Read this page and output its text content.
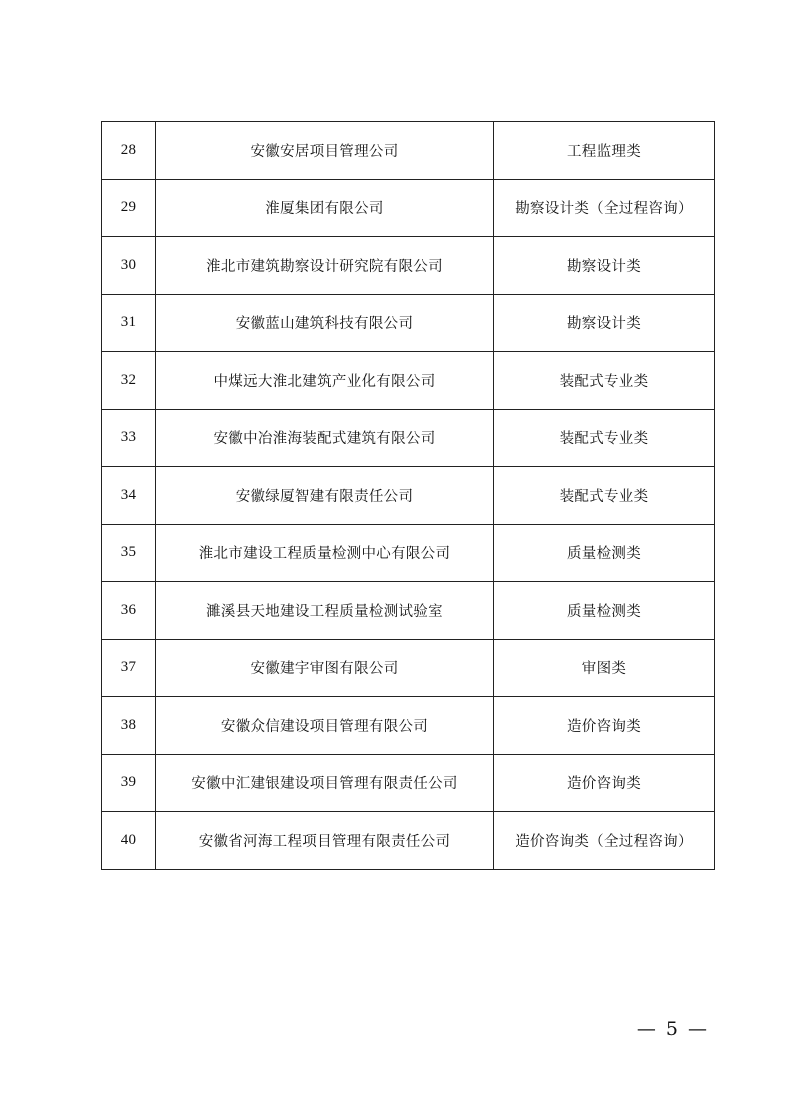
28	安徽安居项目管理公司	工程监理类
29	淮厦集团有限公司	勘察设计类（全过程咨询）
30	淮北市建筑勘察设计研究院有限公司	勘察设计类
31	安徽蓝山建筑科技有限公司	勘察设计类
32	中煤远大淮北建筑产业化有限公司	装配式专业类
33	安徽中冶淮海装配式建筑有限公司	装配式专业类
34	安徽绿厦智建有限责任公司	装配式专业类
35	淮北市建设工程质量检测中心有限公司	质量检测类
36	濉溪县天地建设工程质量检测试验室	质量检测类
37	安徽建宇审图有限公司	审图类
38	安徽众信建设项目管理有限公司	造价咨询类
39	安徽中汇建银建设项目管理有限责任公司	造价咨询类
40	安徽省河海工程项目管理有限责任公司	造价咨询类（全过程咨询）
— 5 —
